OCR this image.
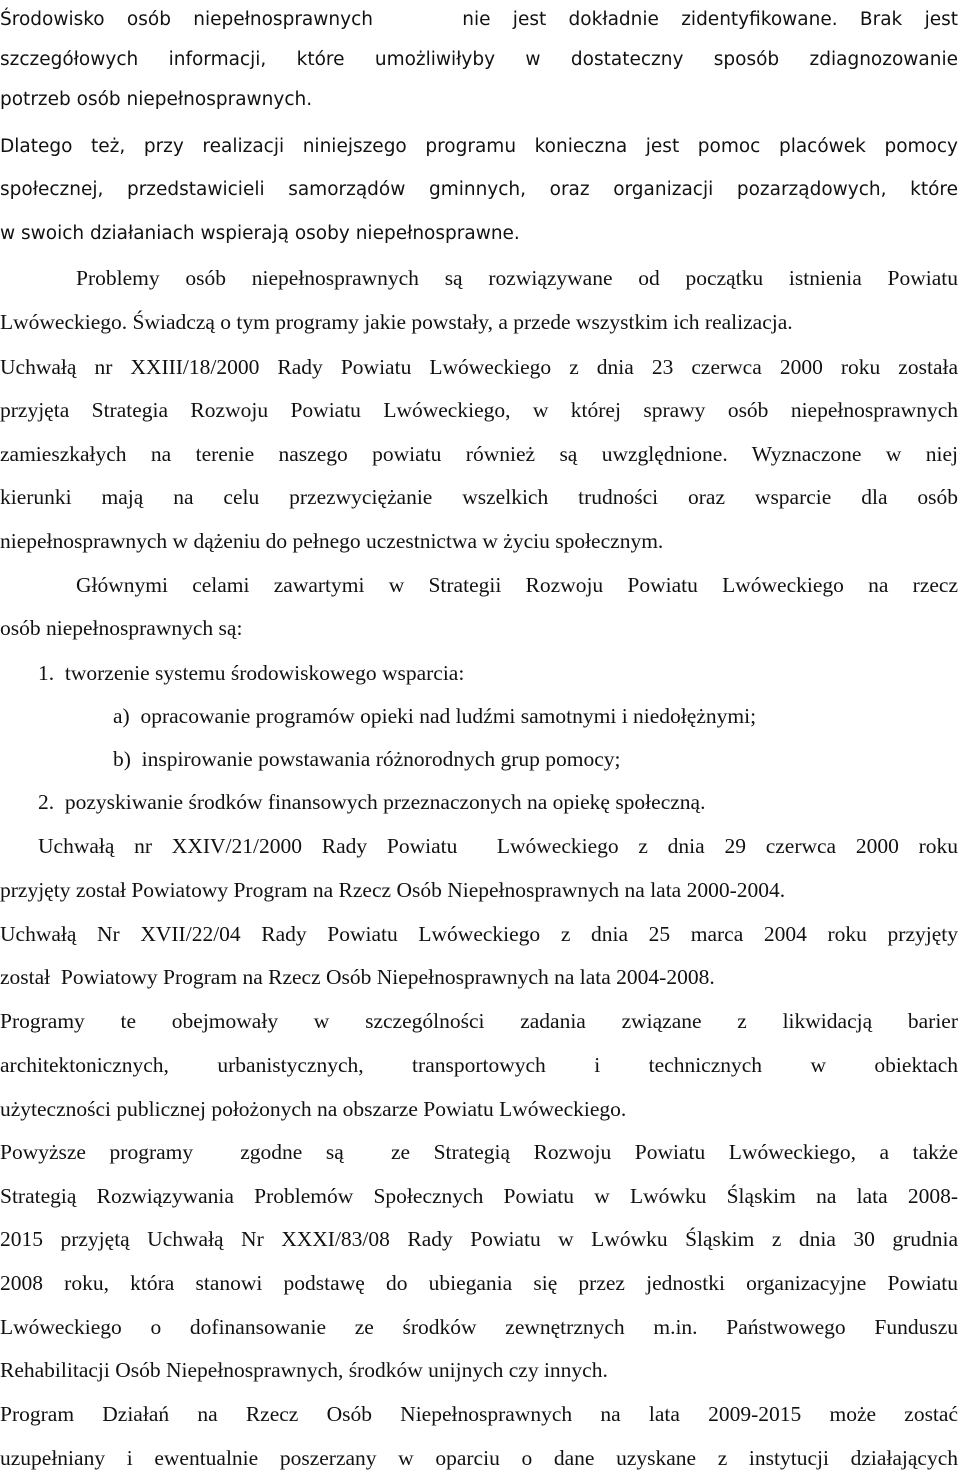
Środowisko osób niepełnosprawnych    nie jest dokładnie zidentyfikowane. Brak jest
szczegółowych informacji, które umożliwiłyby w dostateczny sposób zdiagnozowanie
potrzeb osób niepełnosprawnych.
Dlatego też, przy realizacji niniejszego programu konieczna jest pomoc placówek pomocy
społecznej, przedstawicieli samorządów gminnych, oraz organizacji pozarządowych, które
w swoich działaniach wspierają osoby niepełnosprawne.
Problemy osób niepełnosprawnych są rozwiązywane od początku istnienia Powiatu
Lwóweckiego. Świadczą o tym programy jakie powstały, a przede wszystkim ich realizacja.
Uchwałą nr XXIII/18/2000 Rady Powiatu Lwóweckiego z dnia 23 czerwca 2000 roku została
przyjęta Strategia Rozwoju Powiatu Lwóweckiego, w której sprawy osób niepełnosprawnych
zamieszkałych na terenie naszego powiatu również są uwzględnione. Wyznaczone w niej
kierunki mają na celu przezwyciężanie wszelkich trudności oraz wsparcie dla osób
niepełnosprawnych w dążeniu do pełnego uczestnictwa w życiu społecznym.
Głównymi celami zawartymi w Strategii Rozwoju Powiatu Lwóweckiego na rzecz
osób niepełnosprawnych są:
1.  tworzenie systemu środowiskowego wsparcia:
a)  opracowanie programów opieki nad ludźmi samotnymi i niedołężnymi;
b)  inspirowanie powstawania różnorodnych grup pomocy;
2.  pozyskiwanie środków finansowych przeznaczonych na opiekę społeczną.
Uchwałą nr XXIV/21/2000 Rady Powiatu  Lwóweckiego z dnia 29 czerwca 2000 roku
przyjęty został Powiatowy Program na Rzecz Osób Niepełnosprawnych na lata 2000-2004.
Uchwałą Nr XVII/22/04 Rady Powiatu Lwóweckiego z dnia 25 marca 2004 roku przyjęty
został  Powiatowy Program na Rzecz Osób Niepełnosprawnych na lata 2004-2008.
Programy te obejmowały w szczególności zadania związane z likwidacją barier
architektonicznych, urbanistycznych, transportowych i technicznych w obiektach
użyteczności publicznej położonych na obszarze Powiatu Lwóweckiego.
Powyższe programy  zgodne są  ze Strategią Rozwoju Powiatu Lwóweckiego, a także
Strategią Rozwiązywania Problemów Społecznych Powiatu w Lwówku Śląskim na lata 2008-
2015 przyjętą Uchwałą Nr XXXI/83/08 Rady Powiatu w Lwówku Śląskim z dnia 30 grudnia
2008 roku, która stanowi podstawę do ubiegania się przez jednostki organizacyjne Powiatu
Lwóweckiego o dofinansowanie ze środków zewnętrznych m.in. Państwowego Funduszu
Rehabilitacji Osób Niepełnosprawnych, środków unijnych czy innych.
Program Działań na Rzecz Osób Niepełnosprawnych na lata 2009-2015 może zostać
uzupełniany i ewentualnie poszerzany w oparciu o dane uzyskane z instytucji działających
